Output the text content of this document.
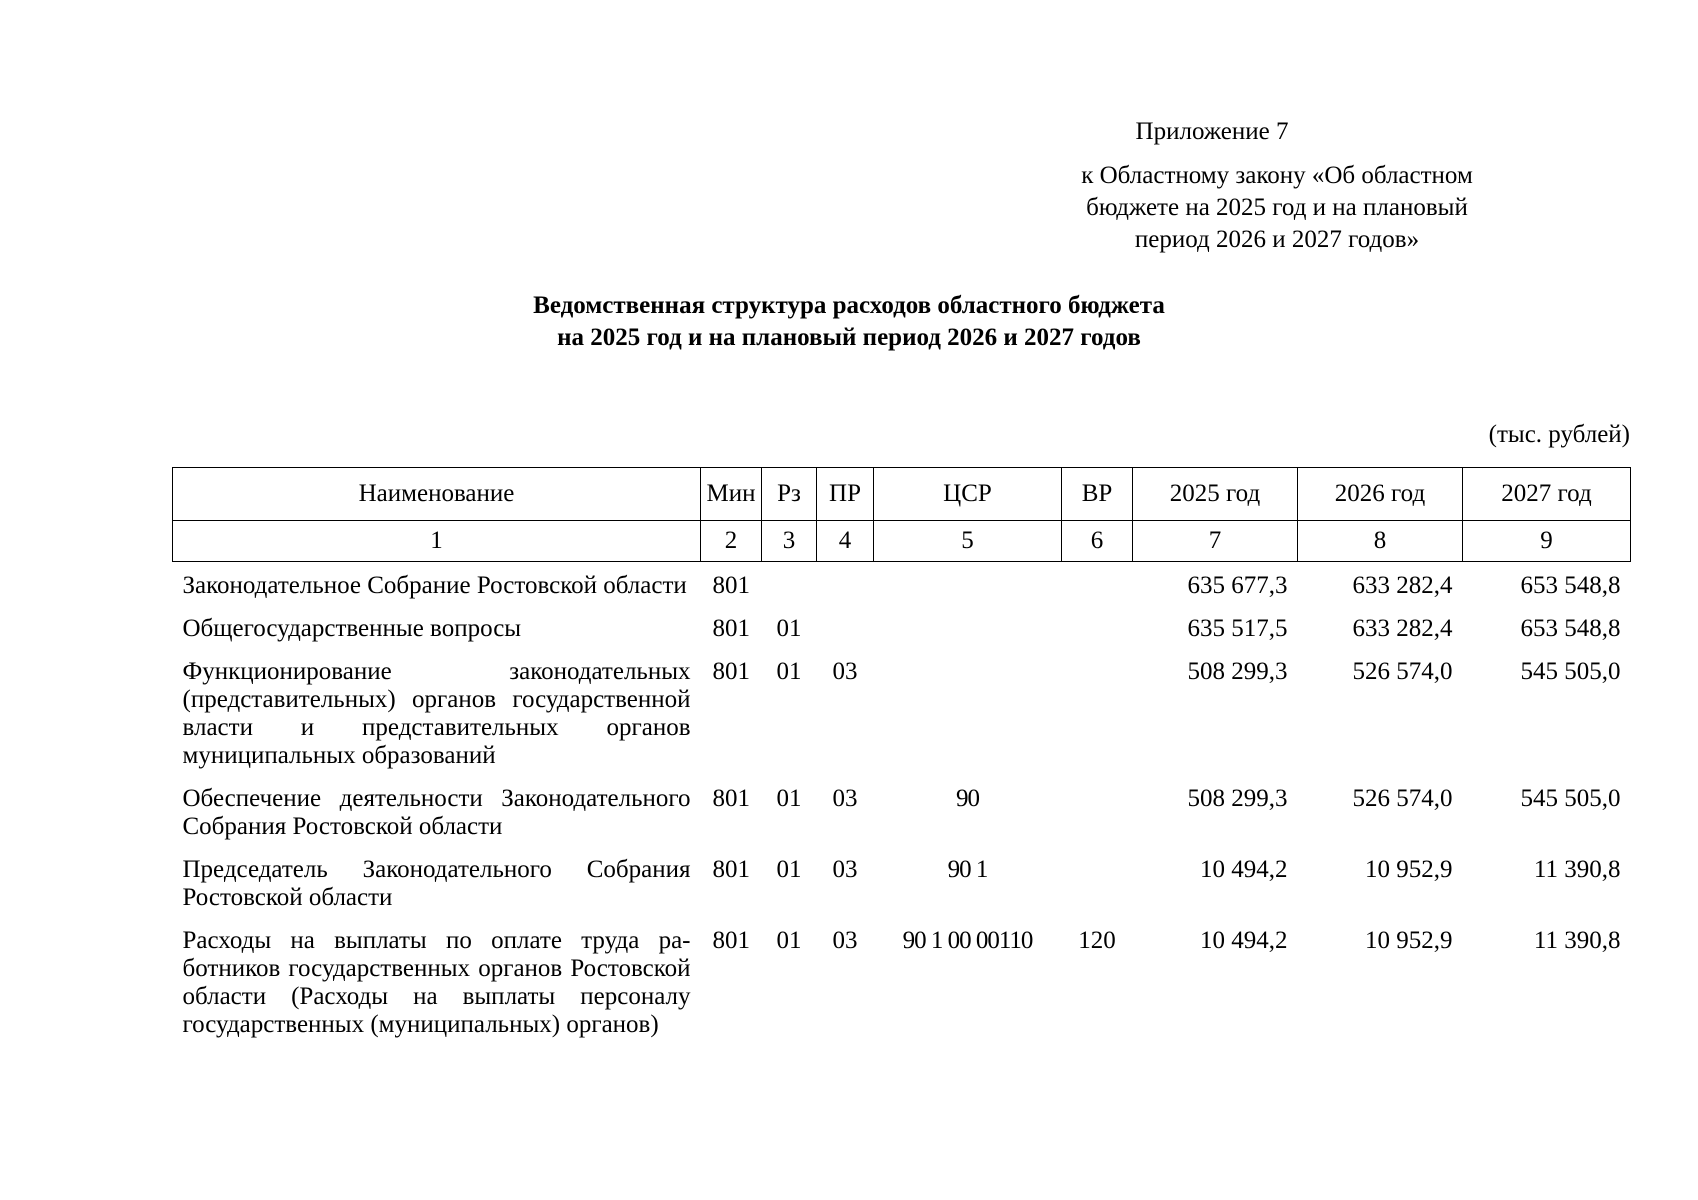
Приложение 7
к Областному закону «Об областном
бюджете на 2025 год и на плановый
период 2026 и 2027 годов»
Ведомственная структура расходов областного бюджета
на 2025 год и на плановый период 2026 и 2027 годов
(тыс. рублей)
Наименование	Мин	Рз	ПР	ЦСР	ВР	2025 год	2026 год	2027 год
1	2	3	4	5	6	7	8	9
Законодательное Собрание Ростовской области	801					635 677,3	633 282,4	653 548,8
Общегосударственные вопросы	801	01				635 517,5	633 282,4	653 548,8
Функционирование законодательных (представительных) органов государственной власти и представительных органов муниципальных образований	801	01	03			508 299,3	526 574,0	545 505,0
Обеспечение деятельности Законодательного Собрания Ростовской области	801	01	03	90		508 299,3	526 574,0	545 505,0
Председатель Законодательного Собрания Ростовской области	801	01	03	90 1		10 494,2	10 952,9	11 390,8
Расходы на выплаты по оплате труда работников государственных органов Ростовской области (Расходы на выплаты персоналу государственных (муниципальных) органов)	801	01	03	90 1 00 00110	120	10 494,2	10 952,9	11 390,8
